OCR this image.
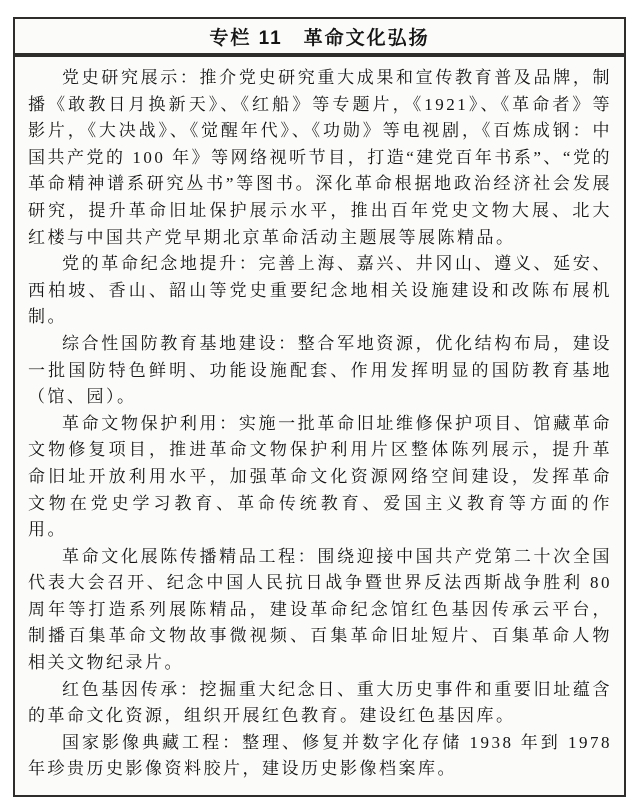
专栏 11　革命文化弘扬

党史研究展示：推介党史研究重大成果和宣传教育普及品牌，制播《敢教日月换新天》、《红船》等专题片，《1921》、《革命者》等影片，《大决战》、《觉醒年代》、《功勋》等电视剧，《百炼成钢：中国共产党的 100 年》等网络视听节目，打造“建党百年书系”、“党的革命精神谱系研究丛书”等图书。深化革命根据地政治经济社会发展研究，提升革命旧址保护展示水平，推出百年党史文物大展、北大红楼与中国共产党早期北京革命活动主题展等展陈精品。

党的革命纪念地提升：完善上海、嘉兴、井冈山、遵义、延安、西柏坡、香山、韶山等党史重要纪念地相关设施建设和改陈布展机制。

综合性国防教育基地建设：整合军地资源，优化结构布局，建设一批国防特色鲜明、功能设施配套、作用发挥明显的国防教育基地（馆、园）。

革命文物保护利用：实施一批革命旧址维修保护项目、馆藏革命文物修复项目，推进革命文物保护利用片区整体陈列展示，提升革命旧址开放利用水平，加强革命文化资源网络空间建设，发挥革命文物在党史学习教育、革命传统教育、爱国主义教育等方面的作用。

革命文化展陈传播精品工程：围绕迎接中国共产党第二十次全国代表大会召开、纪念中国人民抗日战争暨世界反法西斯战争胜利 80 周年等打造系列展陈精品，建设革命纪念馆红色基因传承云平台，制播百集革命文物故事微视频、百集革命旧址短片、百集革命人物相关文物纪录片。

红色基因传承：挖掘重大纪念日、重大历史事件和重要旧址蕴含的革命文化资源，组织开展红色教育。建设红色基因库。

国家影像典藏工程：整理、修复并数字化存储 1938 年到 1978 年珍贵历史影像资料胶片，建设历史影像档案库。
